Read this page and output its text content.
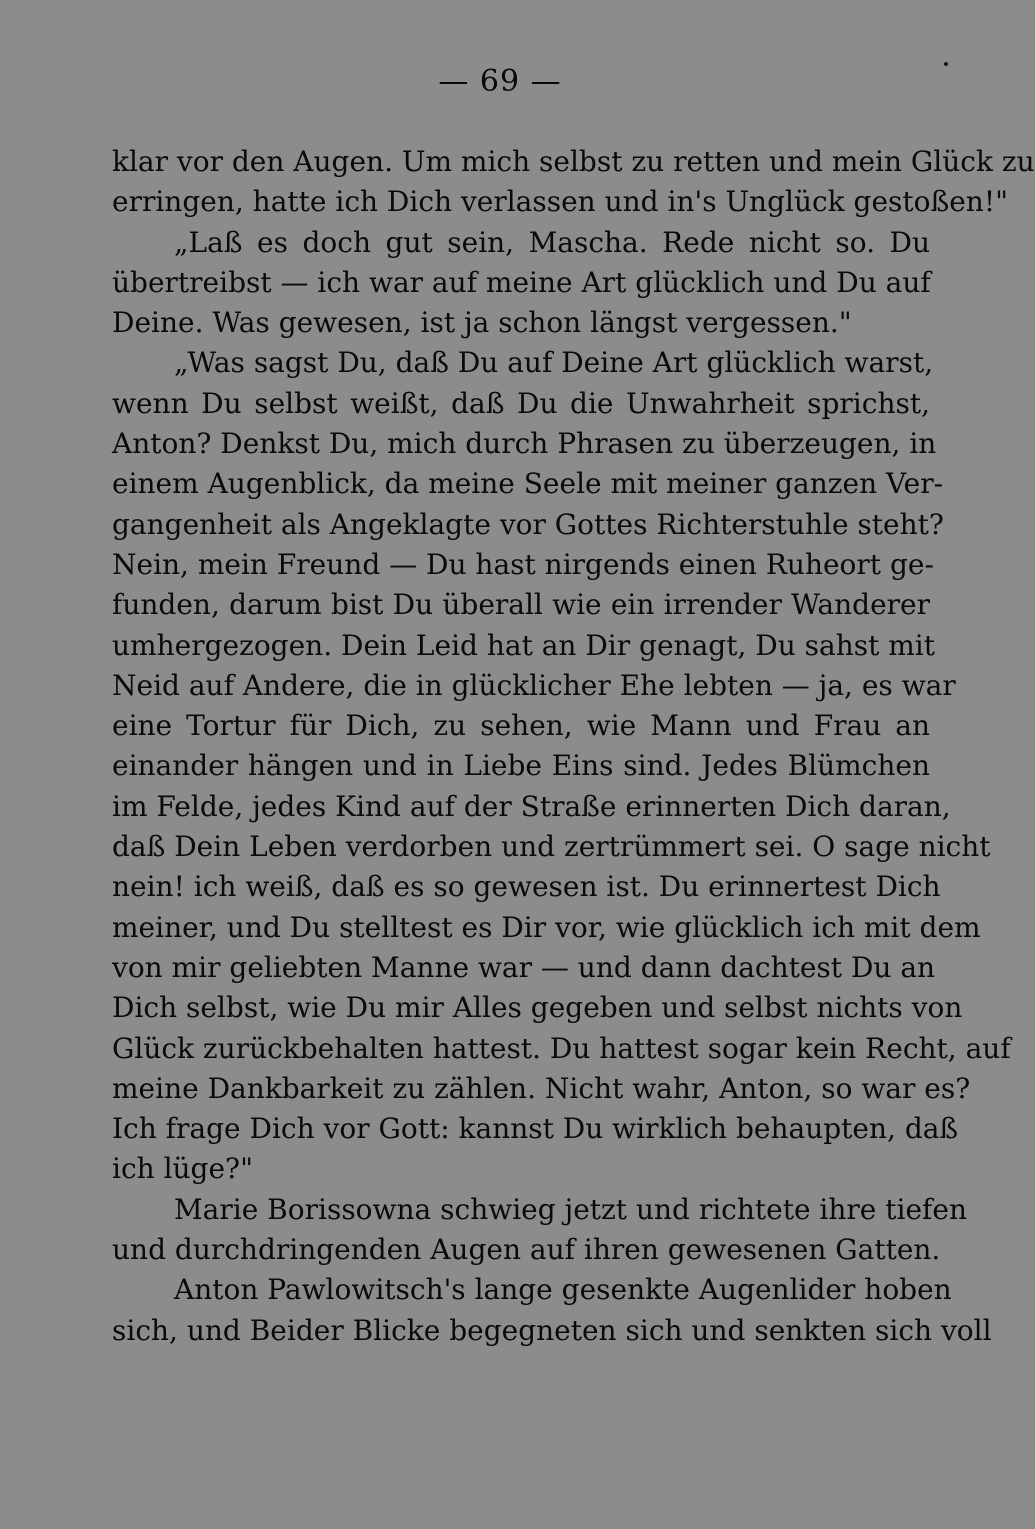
— 69 —
klar vor den Augen. Um mich selbst zu retten und mein Glück zu
erringen, hatte ich Dich verlassen und in's Unglück gestoßen!"
„Laß es doch gut sein, Mascha. Rede nicht so. Du
übertreibst — ich war auf meine Art glücklich und Du auf
Deine. Was gewesen, ist ja schon längst vergessen."
„Was sagst Du, daß Du auf Deine Art glücklich warst,
wenn Du selbst weißt, daß Du die Unwahrheit sprichst,
Anton? Denkst Du, mich durch Phrasen zu überzeugen, in
einem Augenblick, da meine Seele mit meiner ganzen Ver-
gangenheit als Angeklagte vor Gottes Richterstuhle steht?
Nein, mein Freund — Du hast nirgends einen Ruheort ge-
funden, darum bist Du überall wie ein irrender Wanderer
umhergezogen. Dein Leid hat an Dir genagt, Du sahst mit
Neid auf Andere, die in glücklicher Ehe lebten — ja, es war
eine Tortur für Dich, zu sehen, wie Mann und Frau an
einander hängen und in Liebe Eins sind. Jedes Blümchen
im Felde, jedes Kind auf der Straße erinnerten Dich daran,
daß Dein Leben verdorben und zertrümmert sei. O sage nicht
nein! ich weiß, daß es so gewesen ist. Du erinnertest Dich
meiner, und Du stelltest es Dir vor, wie glücklich ich mit dem
von mir geliebten Manne war — und dann dachtest Du an
Dich selbst, wie Du mir Alles gegeben und selbst nichts von
Glück zurückbehalten hattest. Du hattest sogar kein Recht, auf
meine Dankbarkeit zu zählen. Nicht wahr, Anton, so war es?
Ich frage Dich vor Gott: kannst Du wirklich behaupten, daß
ich lüge?"
Marie Borissowna schwieg jetzt und richtete ihre tiefen
und durchdringenden Augen auf ihren gewesenen Gatten.
Anton Pawlowitsch's lange gesenkte Augenlider hoben
sich, und Beider Blicke begegneten sich und senkten sich voll
